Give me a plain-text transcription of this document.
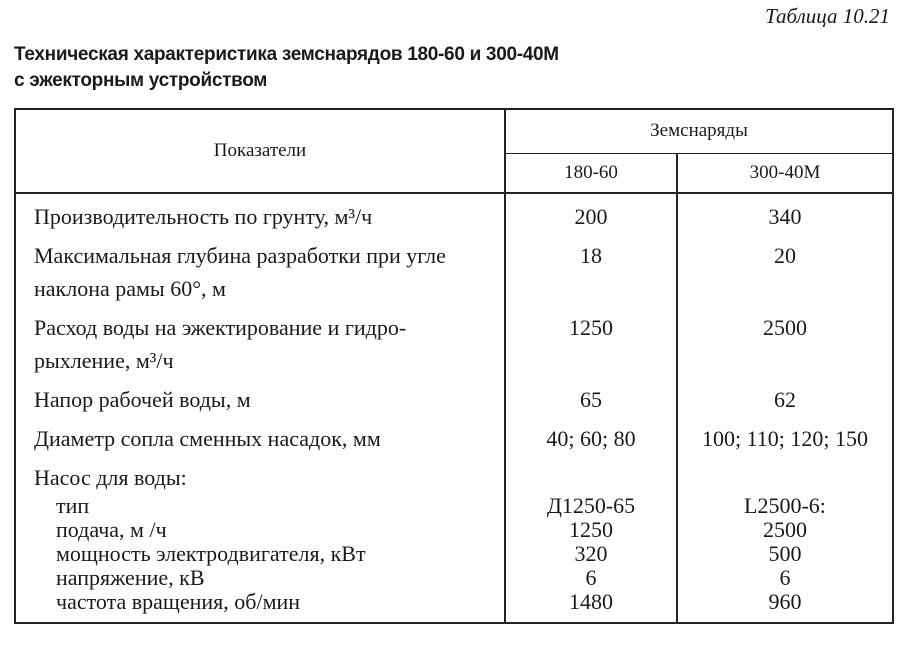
Таблица 10.21
Техническая характеристика земснарядов 180-60 и 300-40М
с эжекторным устройством
Показатели	Земснаряды	
	180-60	300-40М

Производительность по грунту, м³/ч	200	340

Максимальная глубина разработки при угле наклона рамы 60°, м	18	20

Расход воды на эжектирование и гидро-рыхление, м³/ч	1250	2500

Напор рабочей воды, м	65	62

Диаметр сопла сменных насадок, мм	40; 60; 80	100; 110; 120; 150

Насос для воды:		

тип	Д1250-65	L2500-6:
подача, м /ч	1250	2500
мощность электродвигателя, кВт	320	500
напряжение, кВ	6	6
частота вращения, об/мин	1480	960
